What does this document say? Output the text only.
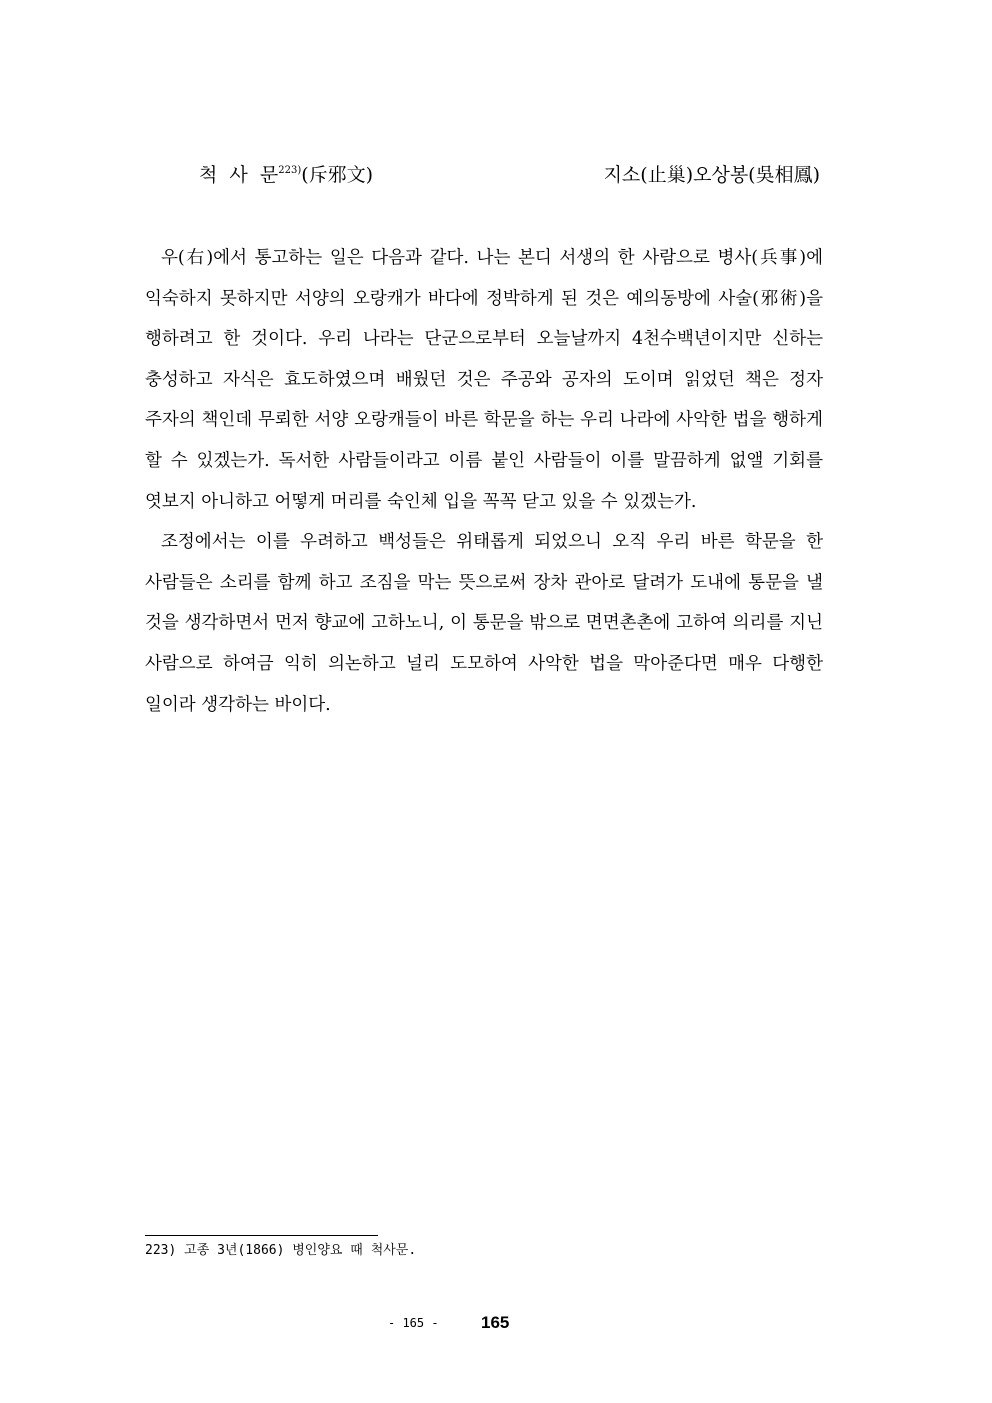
척  사  문$^{223)}$(斥邪文)	지소(止巢)오상봉(吳相鳳)

우(右)에서 통고하는 일은 다음과 같다. 나는 본디 서생의 한 사람으로 병사(兵事)에 익숙하지 못하지만 서양의 오랑캐가 바다에 정박하게 된 것은 예의동방에 사술(邪術)을 행하려고 한 것이다. 우리 나라는 단군으로부터 오늘날까지 4천수백년이지만 신하는 충성하고 자식은 효도하였으며 배웠던 것은 주공와 공자의 도이며 읽었던 책은 정자 주자의 책인데 무뢰한 서양 오랑캐들이 바른 학문을 하는 우리 나라에 사악한 법을 행하게 할 수 있겠는가. 독서한 사람들이라고 이름 붙인 사람들이 이를 말끔하게 없앨 기회를 엿보지 아니하고 어떻게 머리를 숙인체 입을 꼭꼭 닫고 있을 수 있겠는가.

조정에서는 이를 우려하고 백성들은 위태롭게 되었으니 오직 우리 바른 학문을 한 사람들은 소리를 함께 하고 조짐을 막는 뜻으로써 장차 관아로 달려가 도내에 통문을 낼 것을 생각하면서 먼저 향교에 고하노니, 이 통문을 밖으로 면면촌촌에 고하여 의리를 지닌 사람으로 하여금 익히 의논하고 널리 도모하여 사악한 법을 막아준다면 매우 다행한 일이라 생각하는 바이다.

223) 고종 3년(1866) 병인양요 때 척사문.
- 165 - 165
